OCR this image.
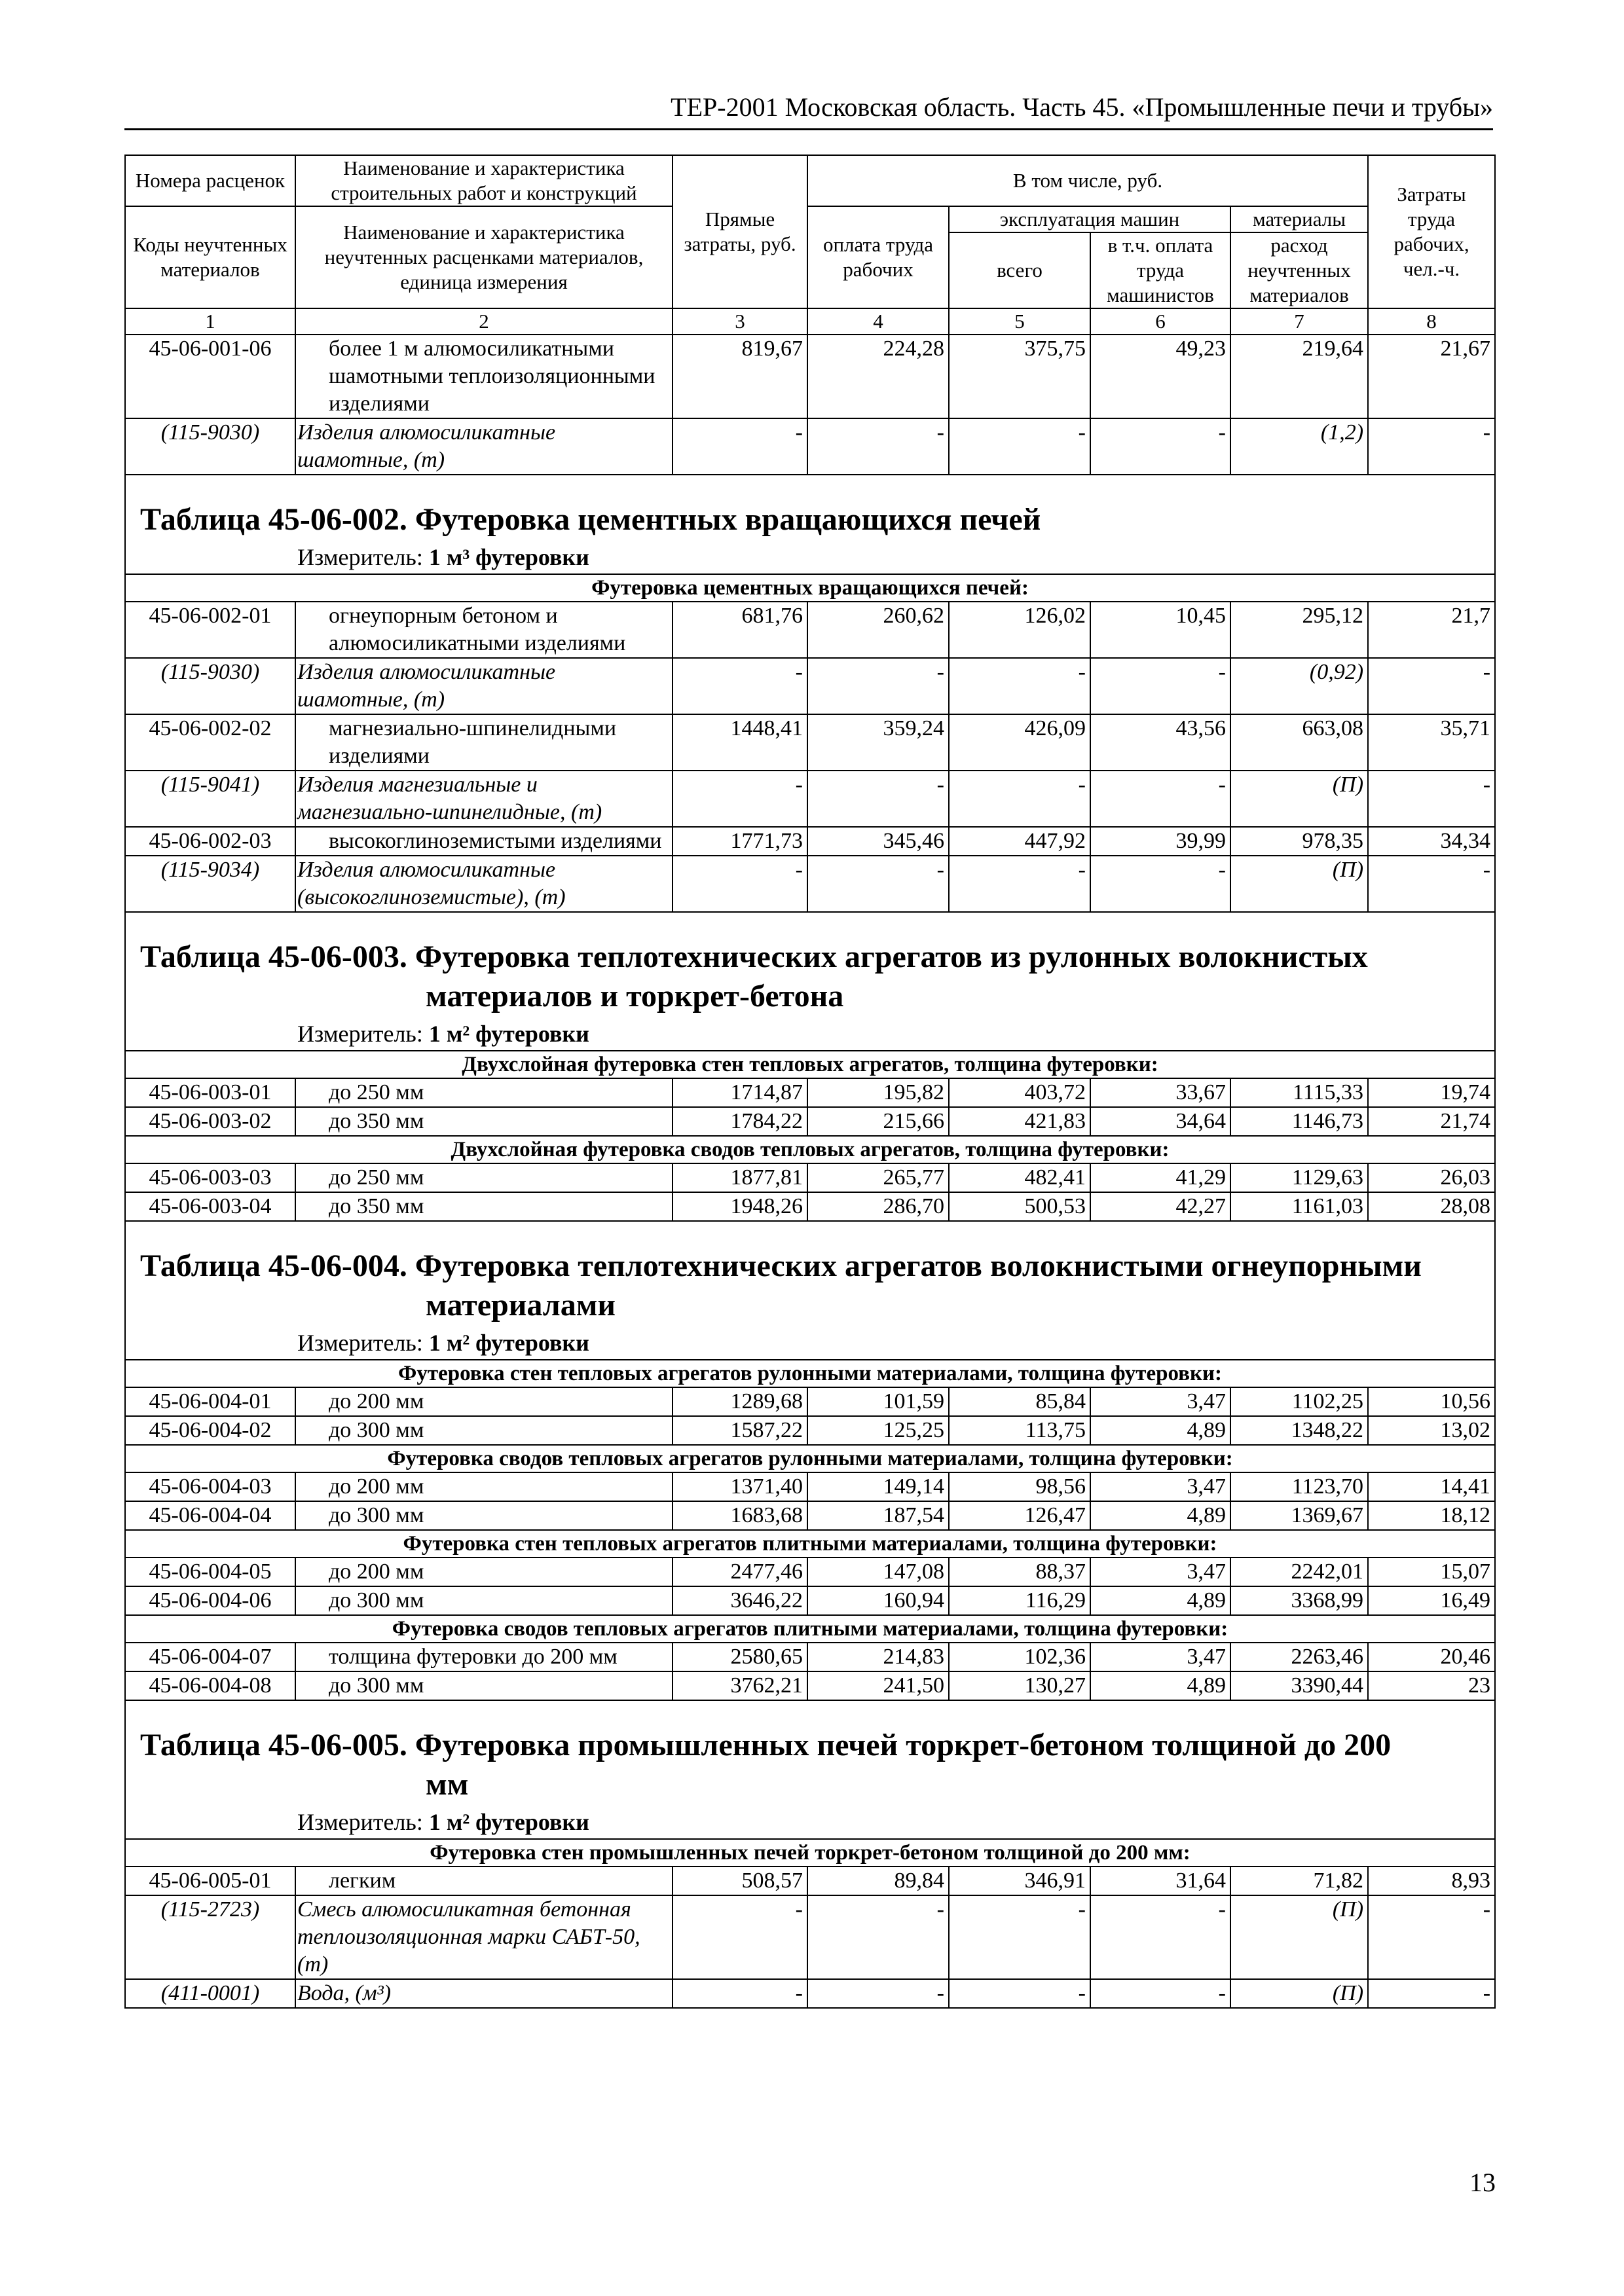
ТЕР-2001 Московская область. Часть 45. «Промышленные печи и трубы»
Номера расценок	Наименование и характеристика строительных работ и конструкций	Прямые затраты, руб.	В том числе, руб.				Затраты труда рабочих, чел.-ч.
Коды неучтенных материалов	Наименование и характеристика неучтенных расценками материалов, единица измерения		оплата труда рабочих	эксплуатация машин		материалы	
				всего	в т.ч. оплата труда машинистов	расход неучтенных материалов	
1	2	3	4	5	6	7	8
45-06-001-06	более 1 м алюмосиликатными шамотными теплоизоляционными изделиями	819,67	224,28	375,75	49,23	219,64	21,67
(115-9030)	Изделия алюмосиликатные шамотные, (т)	-	-	-	-	(1,2)	-
Таблица 45-06-002. Футеровка цементных вращающихся печей							
Измеритель: 1 м³ футеровки							
Футеровка цементных вращающихся печей:							
45-06-002-01	огнеупорным бетоном и алюмосиликатными изделиями	681,76	260,62	126,02	10,45	295,12	21,7
(115-9030)	Изделия алюмосиликатные шамотные, (т)	-	-	-	-	(0,92)	-
45-06-002-02	магнезиально-шпинелидными изделиями	1448,41	359,24	426,09	43,56	663,08	35,71
(115-9041)	Изделия магнезиальные и магнезиально-шпинелидные, (т)	-	-	-	-	(П)	-
45-06-002-03	высокоглиноземистыми изделиями	1771,73	345,46	447,92	39,99	978,35	34,34
(115-9034)	Изделия алюмосиликатные (высокоглиноземистые), (т)	-	-	-	-	(П)	-
Таблица 45-06-003. Футеровка теплотехнических агрегатов из рулонных волокнистых
материалов и торкрет-бетона							

Измеритель: 1 м² футеровки							
Двухслойная футеровка стен тепловых агрегатов, толщина футеровки:							
45-06-003-01	до 250 мм	1714,87	195,82	403,72	33,67	1115,33	19,74
45-06-003-02	до 350 мм	1784,22	215,66	421,83	34,64	1146,73	21,74
Двухслойная футеровка сводов тепловых агрегатов, толщина футеровки:							
45-06-003-03	до 250 мм	1877,81	265,77	482,41	41,29	1129,63	26,03
45-06-003-04	до 350 мм	1948,26	286,70	500,53	42,27	1161,03	28,08
Таблица 45-06-004. Футеровка теплотехнических агрегатов волокнистыми огнеупорными
материалами							

Измеритель: 1 м² футеровки							
Футеровка стен тепловых агрегатов рулонными материалами, толщина футеровки:							
45-06-004-01	до 200 мм	1289,68	101,59	85,84	3,47	1102,25	10,56
45-06-004-02	до 300 мм	1587,22	125,25	113,75	4,89	1348,22	13,02
Футеровка сводов тепловых агрегатов рулонными материалами, толщина футеровки:							
45-06-004-03	до 200 мм	1371,40	149,14	98,56	3,47	1123,70	14,41
45-06-004-04	до 300 мм	1683,68	187,54	126,47	4,89	1369,67	18,12
Футеровка стен тепловых агрегатов плитными материалами, толщина футеровки:							
45-06-004-05	до 200 мм	2477,46	147,08	88,37	3,47	2242,01	15,07
45-06-004-06	до 300 мм	3646,22	160,94	116,29	4,89	3368,99	16,49
Футеровка сводов тепловых агрегатов плитными материалами, толщина футеровки:							
45-06-004-07	толщина футеровки до 200 мм	2580,65	214,83	102,36	3,47	2263,46	20,46
45-06-004-08	до 300 мм	3762,21	241,50	130,27	4,89	3390,44	23
Таблица 45-06-005. Футеровка промышленных печей торкрет-бетоном толщиной до 200
мм							

Измеритель: 1 м² футеровки							
Футеровка стен промышленных печей торкрет-бетоном толщиной до 200 мм:							
45-06-005-01	легким	508,57	89,84	346,91	31,64	71,82	8,93
(115-2723)	Смесь алюмосиликатная бетонная теплоизоляционная марки САБТ-50, (т)	-	-	-	-	(П)	-
(411-0001)	Вода, (м³)	-	-	-	-	(П)	-
13
